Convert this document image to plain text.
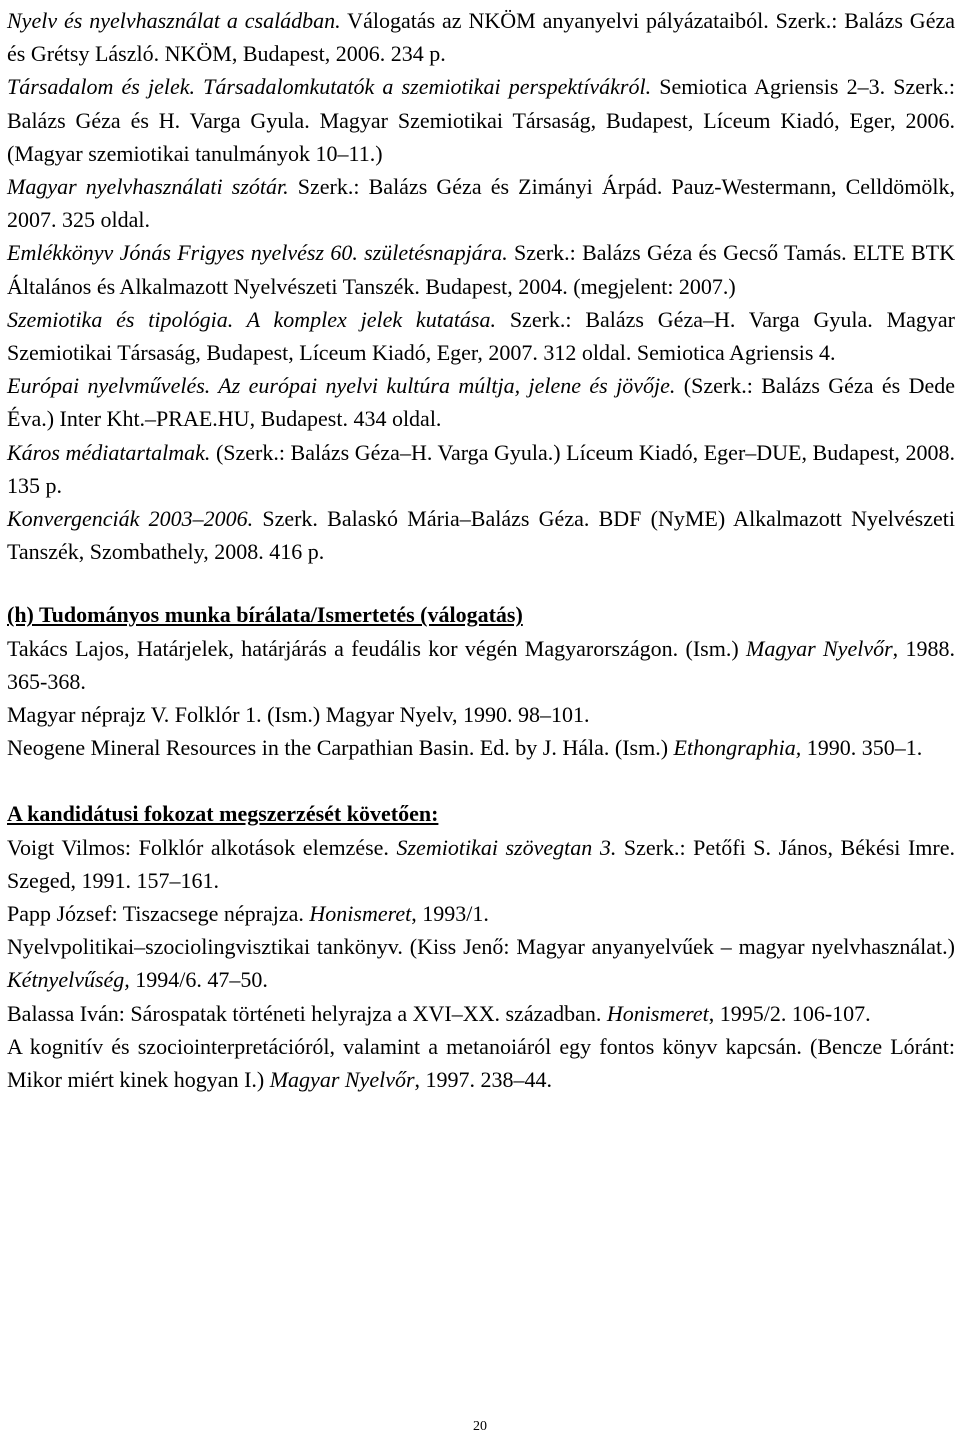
Nyelv és nyelvhasználat a családban. Válogatás az NKÖM anyanyelvi pályázataiból. Szerk.: Balázs Géza és Grétsy László. NKÖM, Budapest, 2006. 234 p.

Társadalom és jelek. Társadalomkutatók a szemiotikai perspektívákról. Semiotica Agriensis 2–3. Szerk.: Balázs Géza és H. Varga Gyula. Magyar Szemiotikai Társaság, Budapest, Líceum Kiadó, Eger, 2006. (Magyar szemiotikai tanulmányok 10–11.)

Magyar nyelvhasználati szótár. Szerk.: Balázs Géza és Zimányi Árpád. Pauz-Westermann, Celldömölk, 2007. 325 oldal.

Emlékkönyv Jónás Frigyes nyelvész 60. születésnapjára. Szerk.: Balázs Géza és Gecső Tamás. ELTE BTK Általános és Alkalmazott Nyelvészeti Tanszék. Budapest, 2004. (megjelent: 2007.)

Szemiotika és tipológia. A komplex jelek kutatása. Szerk.: Balázs Géza–H. Varga Gyula. Magyar Szemiotikai Társaság, Budapest, Líceum Kiadó, Eger, 2007. 312 oldal. Semiotica Agriensis 4.

Európai nyelvművelés. Az európai nyelvi kultúra múltja, jelene és jövője. (Szerk.: Balázs Géza és Dede Éva.) Inter Kht.–PRAE.HU, Budapest. 434 oldal.

Káros médiatartalmak. (Szerk.: Balázs Géza–H. Varga Gyula.) Líceum Kiadó, Eger–DUE, Budapest, 2008. 135 p.

Konvergenciák 2003–2006. Szerk. Balaskó Mária–Balázs Géza. BDF (NyME) Alkalmazott Nyelvészeti Tanszék, Szombathely, 2008. 416 p.

(h) Tudományos munka bírálata/Ismertetés (válogatás)

Takács Lajos, Határjelek, határjárás a feudális kor végén Magyarországon. (Ism.) Magyar Nyelvőr, 1988. 365-368.

Magyar néprajz V. Folklór 1. (Ism.) Magyar Nyelv, 1990. 98–101.

Neogene Mineral Resources in the Carpathian Basin. Ed. by J. Hála. (Ism.) Ethongraphia, 1990. 350–1.

A kandidátusi fokozat megszerzését követően:

Voigt Vilmos: Folklór alkotások elemzése. Szemiotikai szövegtan 3. Szerk.: Petőfi S. János, Békési Imre. Szeged, 1991. 157–161.

Papp József: Tiszacsege néprajza. Honismeret, 1993/1.

Nyelvpolitikai–szociolingvisztikai tankönyv. (Kiss Jenő: Magyar anyanyelvűek – magyar nyelvhasználat.) Kétnyelvűség, 1994/6. 47–50.

Balassa Iván: Sárospatak történeti helyrajza a XVI–XX. században. Honismeret, 1995/2. 106-107.

A kognitív és szociointerpretációról, valamint a metanoiáról egy fontos könyv kapcsán. (Bencze Lóránt: Mikor miért kinek hogyan I.) Magyar Nyelvőr, 1997. 238–44.

20
